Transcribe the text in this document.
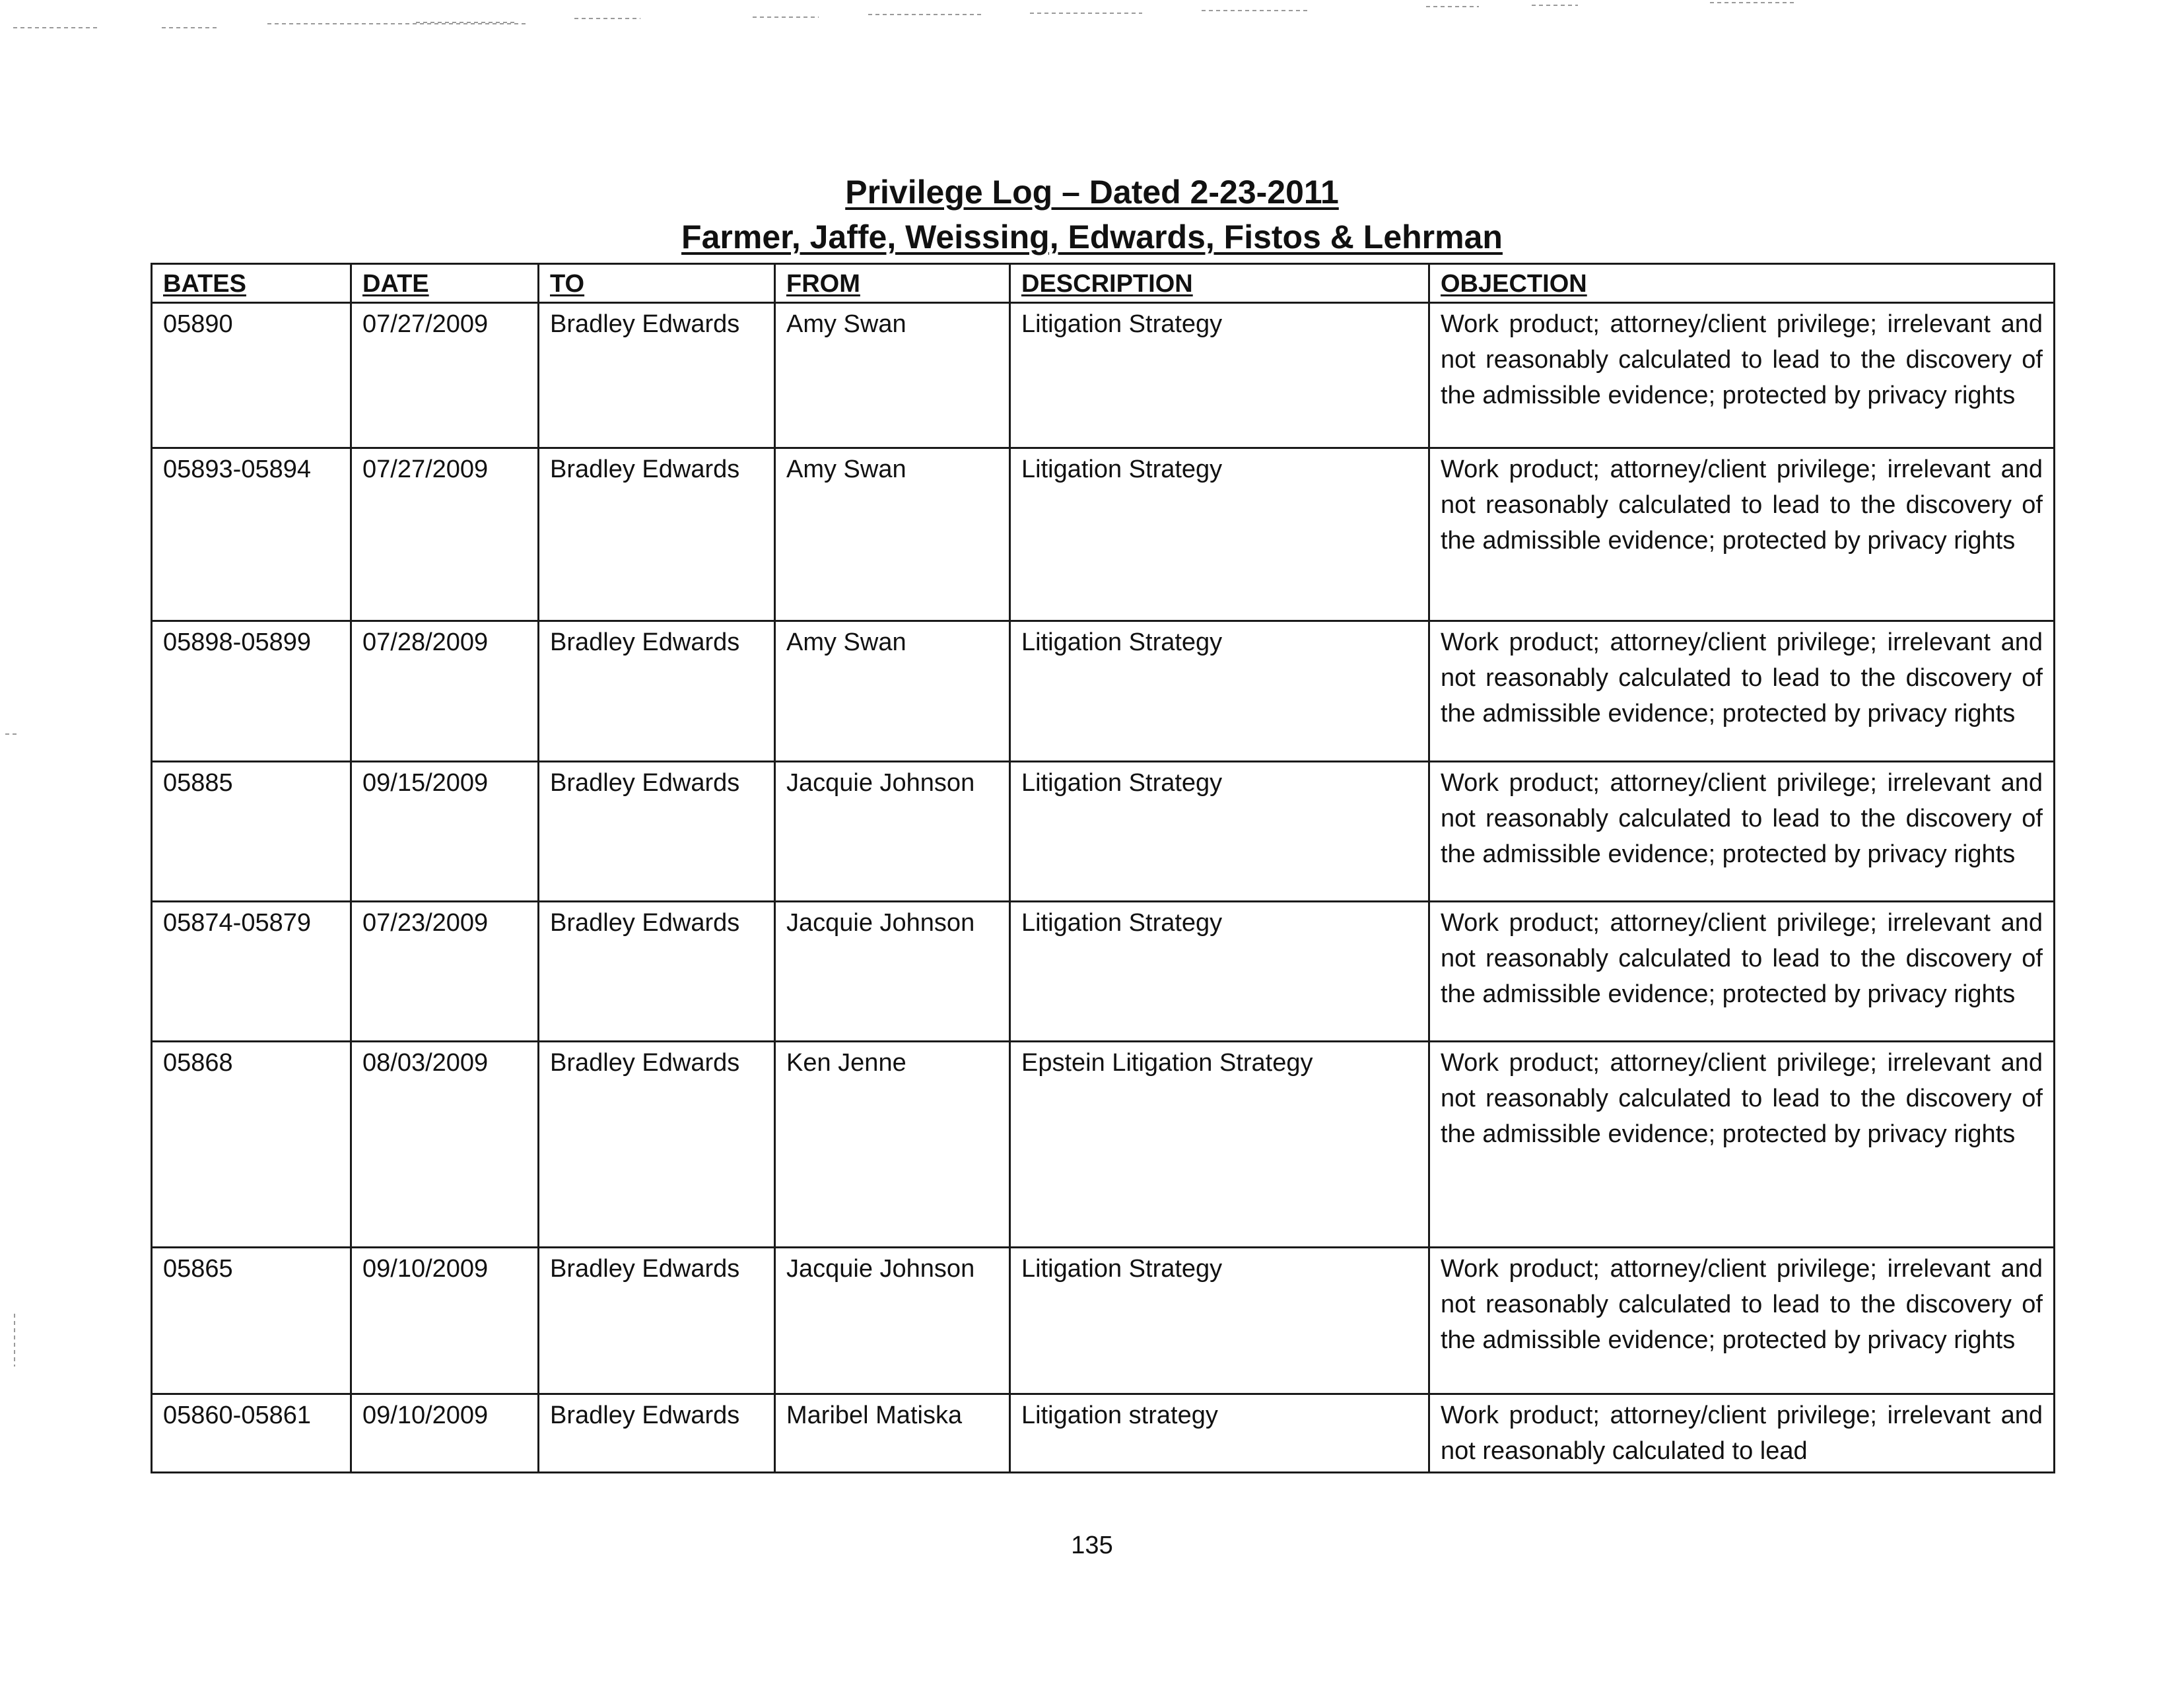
Privilege Log – Dated 2-23-2011
Farmer, Jaffe, Weissing, Edwards, Fistos & Lehrman
BATES	DATE	TO	FROM	DESCRIPTION	OBJECTION
05890	07/27/2009	Bradley Edwards	Amy Swan	Litigation Strategy	Work product; attorney/client privilege; irrelevant and not reasonably calculated to lead to the discovery of the admissible evidence; protected by privacy rights
05893-05894	07/27/2009	Bradley Edwards	Amy Swan	Litigation Strategy	Work product; attorney/client privilege; irrelevant and not reasonably calculated to lead to the discovery of the admissible evidence; protected by privacy rights
05898-05899	07/28/2009	Bradley Edwards	Amy Swan	Litigation Strategy	Work product; attorney/client privilege; irrelevant and not reasonably calculated to lead to the discovery of the admissible evidence; protected by privacy rights
05885	09/15/2009	Bradley Edwards	Jacquie Johnson	Litigation Strategy	Work product; attorney/client privilege; irrelevant and not reasonably calculated to lead to the discovery of the admissible evidence; protected by privacy rights
05874-05879	07/23/2009	Bradley Edwards	Jacquie Johnson	Litigation Strategy	Work product; attorney/client privilege; irrelevant and not reasonably calculated to lead to the discovery of the admissible evidence; protected by privacy rights
05868	08/03/2009	Bradley Edwards	Ken Jenne	Epstein Litigation Strategy	Work product; attorney/client privilege; irrelevant and not reasonably calculated to lead to the discovery of the admissible evidence; protected by privacy rights
05865	09/10/2009	Bradley Edwards	Jacquie Johnson	Litigation Strategy	Work product; attorney/client privilege; irrelevant and not reasonably calculated to lead to the discovery of the admissible evidence; protected by privacy rights
05860-05861	09/10/2009	Bradley Edwards	Maribel Matiska	Litigation strategy	Work product; attorney/client privilege; irrelevant and not reasonably calculated to lead
135
